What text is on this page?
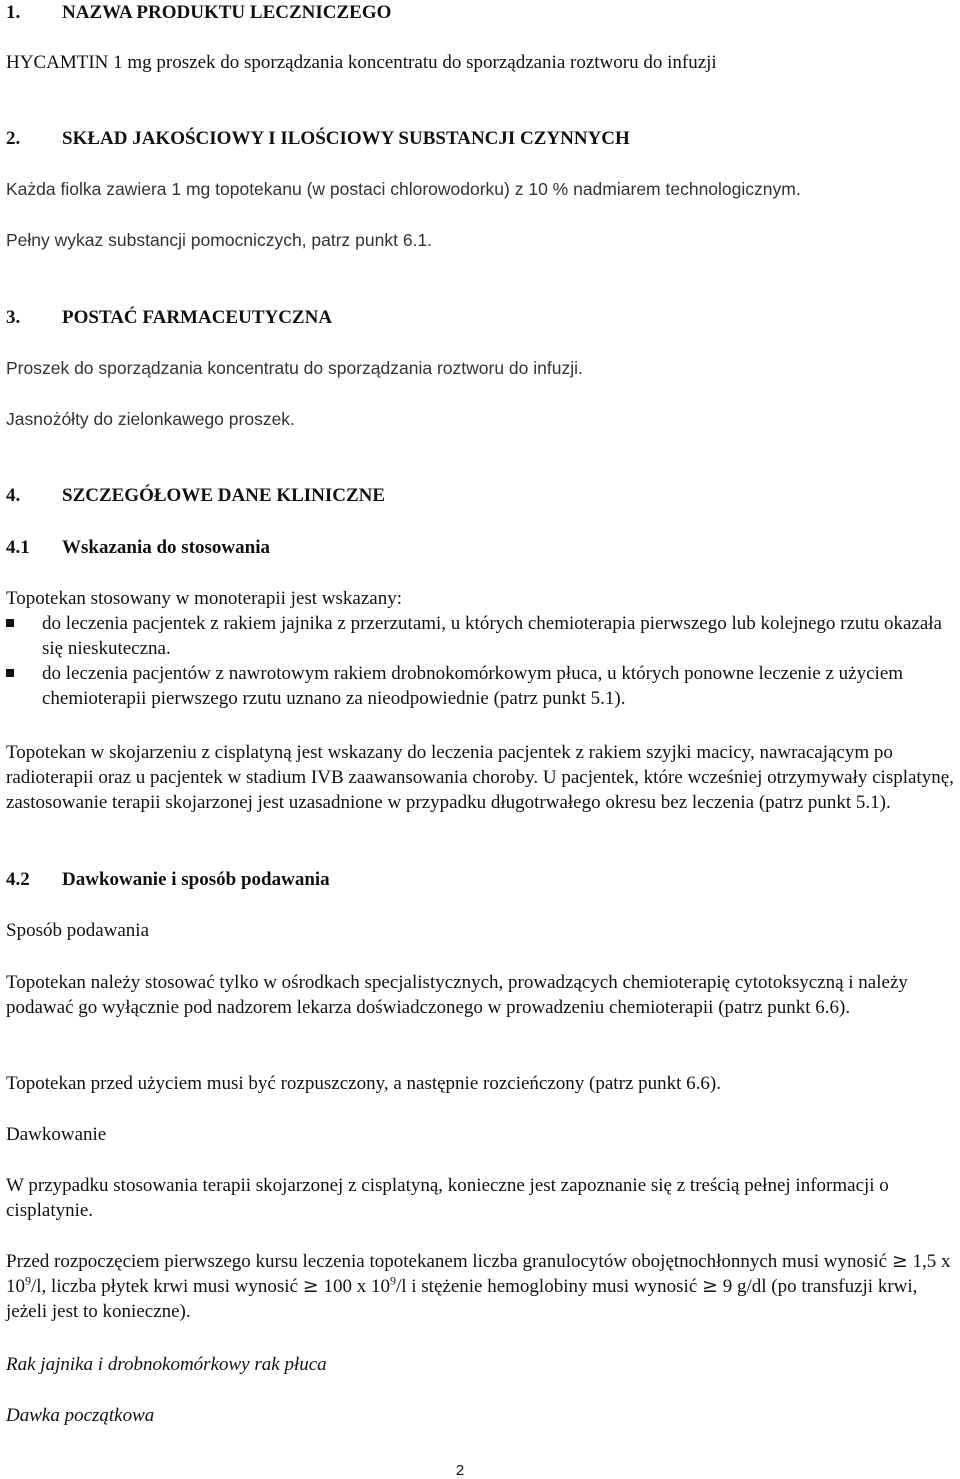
1.	NAZWA PRODUKTU LECZNICZEGO

HYCAMTIN 1 mg proszek do sporządzania koncentratu do sporządzania roztworu do infuzji

2.	SKŁAD JAKOŚCIOWY I ILOŚCIOWY SUBSTANCJI CZYNNYCH

Każda fiolka zawiera 1 mg topotekanu (w postaci chlorowodorku) z 10 % nadmiarem technologicznym.

Pełny wykaz substancji pomocniczych, patrz punkt 6.1.

3.	POSTAĆ FARMACEUTYCZNA

Proszek do sporządzania koncentratu do sporządzania roztworu do infuzji.

Jasnożółty do zielonkawego proszek.

4.	SZCZEGÓŁOWE DANE KLINICZNE
4.1	Wskazania do stosowania

Topotekan stosowany w monoterapii jest wskazany:

do leczenia pacjentek z rakiem jajnika z przerzutami, u których chemioterapia pierwszego lub kolejnego rzutu okazała się nieskuteczna.
do leczenia pacjentów z nawrotowym rakiem drobnokomórkowym płuca, u których ponowne leczenie z użyciem chemioterapii pierwszego rzutu uznano za nieodpowiednie (patrz punkt 5.1).

Topotekan w skojarzeniu z cisplatyną jest wskazany do leczenia pacjentek z rakiem szyjki macicy, nawracającym po radioterapii oraz u pacjentek w stadium IVB zaawansowania choroby. U pacjentek, które wcześniej otrzymywały cisplatynę, zastosowanie terapii skojarzonej jest uzasadnione w przypadku długotrwałego okresu bez leczenia (patrz punkt 5.1).

4.2	Dawkowanie i sposób podawania

Sposób podawania

Topotekan należy stosować tylko w ośrodkach specjalistycznych, prowadzących chemioterapię cytotoksyczną i należy podawać go wyłącznie pod nadzorem lekarza doświadczonego w prowadzeniu chemioterapii (patrz punkt 6.6).

Topotekan przed użyciem musi być rozpuszczony, a następnie rozcieńczony (patrz punkt 6.6).

Dawkowanie

W przypadku stosowania terapii skojarzonej z cisplatyną, konieczne jest zapoznanie się z treścią pełnej informacji o cisplatynie.

Przed rozpoczęciem pierwszego kursu leczenia topotekanem liczba granulocytów obojętnochłonnych musi wynosić ≥ 1,5 x $10^9/l$, liczba płytek krwi musi wynosić ≥ 100 x $10^9/l$ i stężenie hemoglobiny musi wynosić ≥ 9 g/dl (po transfuzji krwi, jeżeli jest to konieczne).

Rak jajnika i drobnokomórkowy rak płuca

Dawka początkowa

2
